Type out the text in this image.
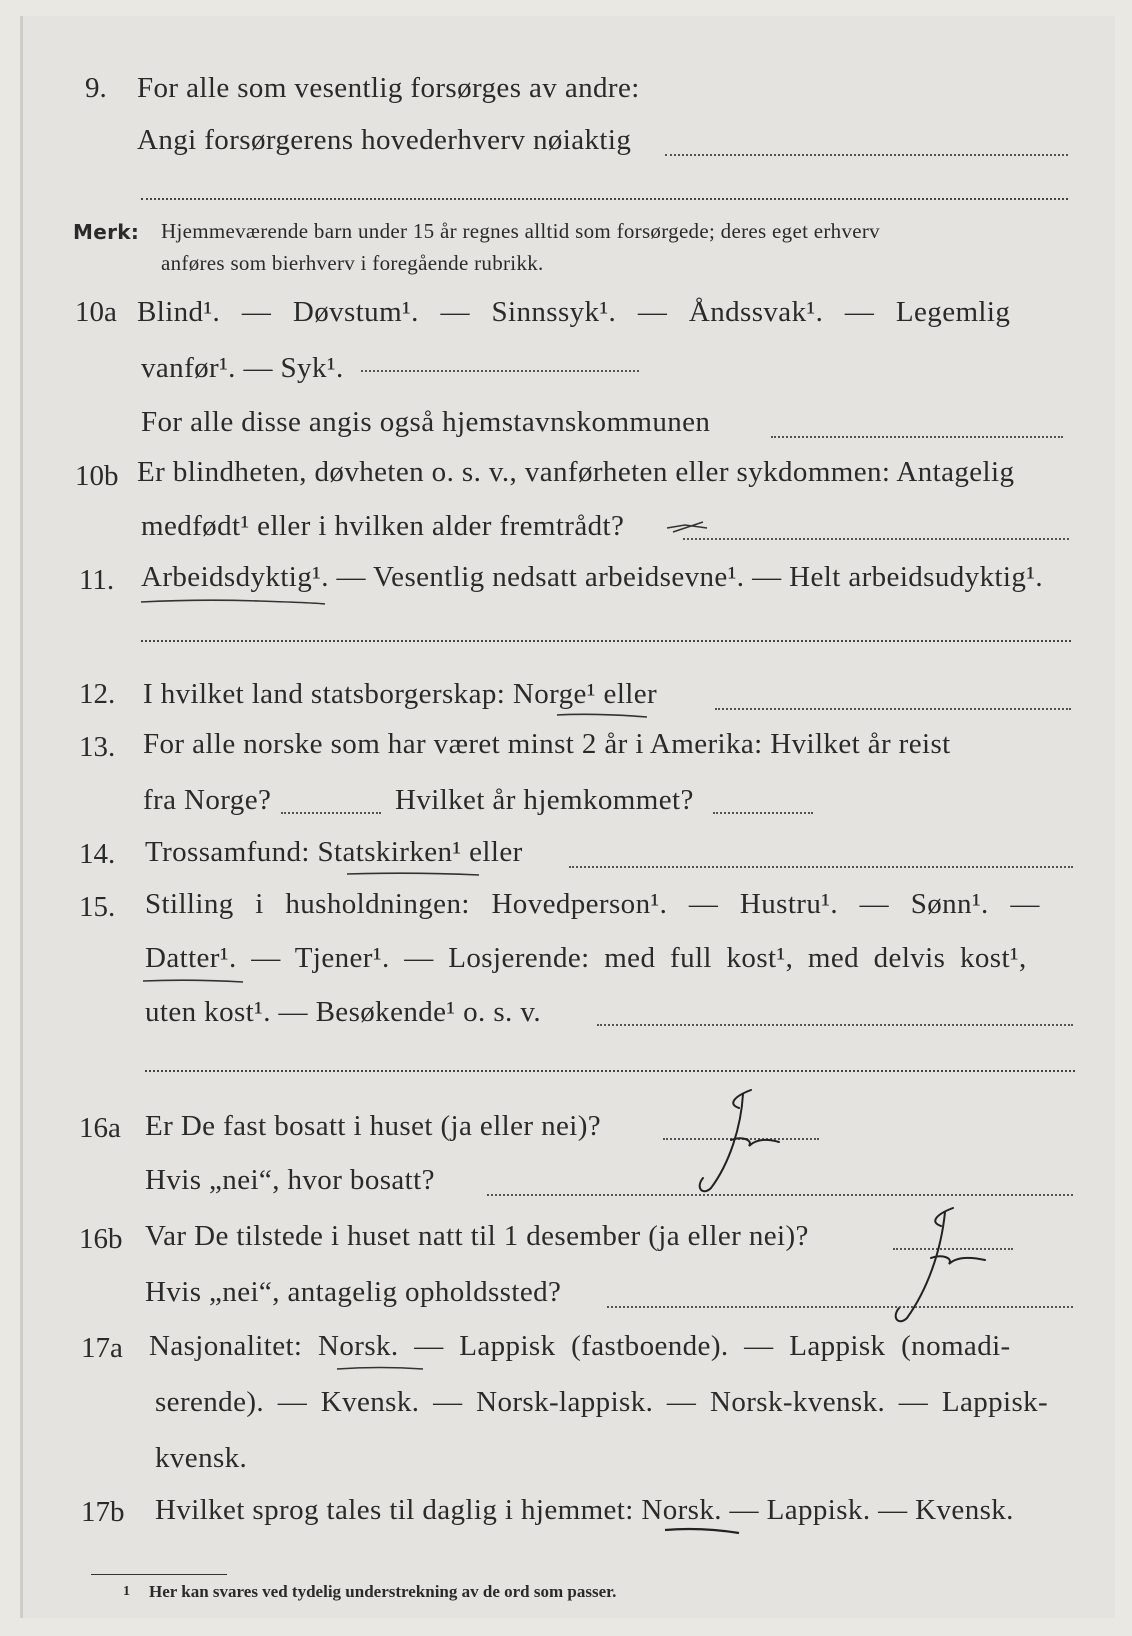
9. For alle som vesentlig forsørges av andre:
Angi forsørgerens hovederhverv nøiaktig
Merk: Hjemmeværende barn under 15 år regnes alltid som forsørgede; deres eget erhverv
anføres som bierhverv i foregående rubrikk.
10a Blind¹. — Døvstum¹. — Sinnssyk¹. — Åndssvak¹. — Legemlig
vanfør¹. — Syk¹.
For alle disse angis også hjemstavnskommunen
10b Er blindheten, døvheten o. s. v., vanførheten eller sykdommen: Antagelig
medfødt¹ eller i hvilken alder fremtrådt?
11. Arbeidsdyktig¹. — Vesentlig nedsatt arbeidsevne¹. — Helt arbeidsudyktig¹.
12. I hvilket land statsborgerskap: Norge¹ eller
13. For alle norske som har været minst 2 år i Amerika: Hvilket år reist
fra Norge?	Hvilket år hjemkommet?
14. Trossamfund: Statskirken¹ eller
15. Stilling i husholdningen: Hovedperson¹. — Hustru¹. — Sønn¹. —
Datter¹. — Tjener¹. — Losjerende: med full kost¹, med delvis kost¹,
uten kost¹. — Besøkende¹ o. s. v.
16a Er De fast bosatt i huset (ja eller nei)?
Hvis „nei“, hvor bosatt?
16b Var De tilstede i huset natt til 1 desember (ja eller nei)?
Hvis „nei“, antagelig opholdssted?
17a Nasjonalitet: Norsk. — Lappisk (fastboende). — Lappisk (nomadi-
serende). — Kvensk. — Norsk-lappisk. — Norsk-kvensk. — Lappisk-
kvensk.
17b Hvilket sprog tales til daglig i hjemmet: Norsk. — Lappisk. — Kvensk.
1 Her kan svares ved tydelig understrekning av de ord som passer.
